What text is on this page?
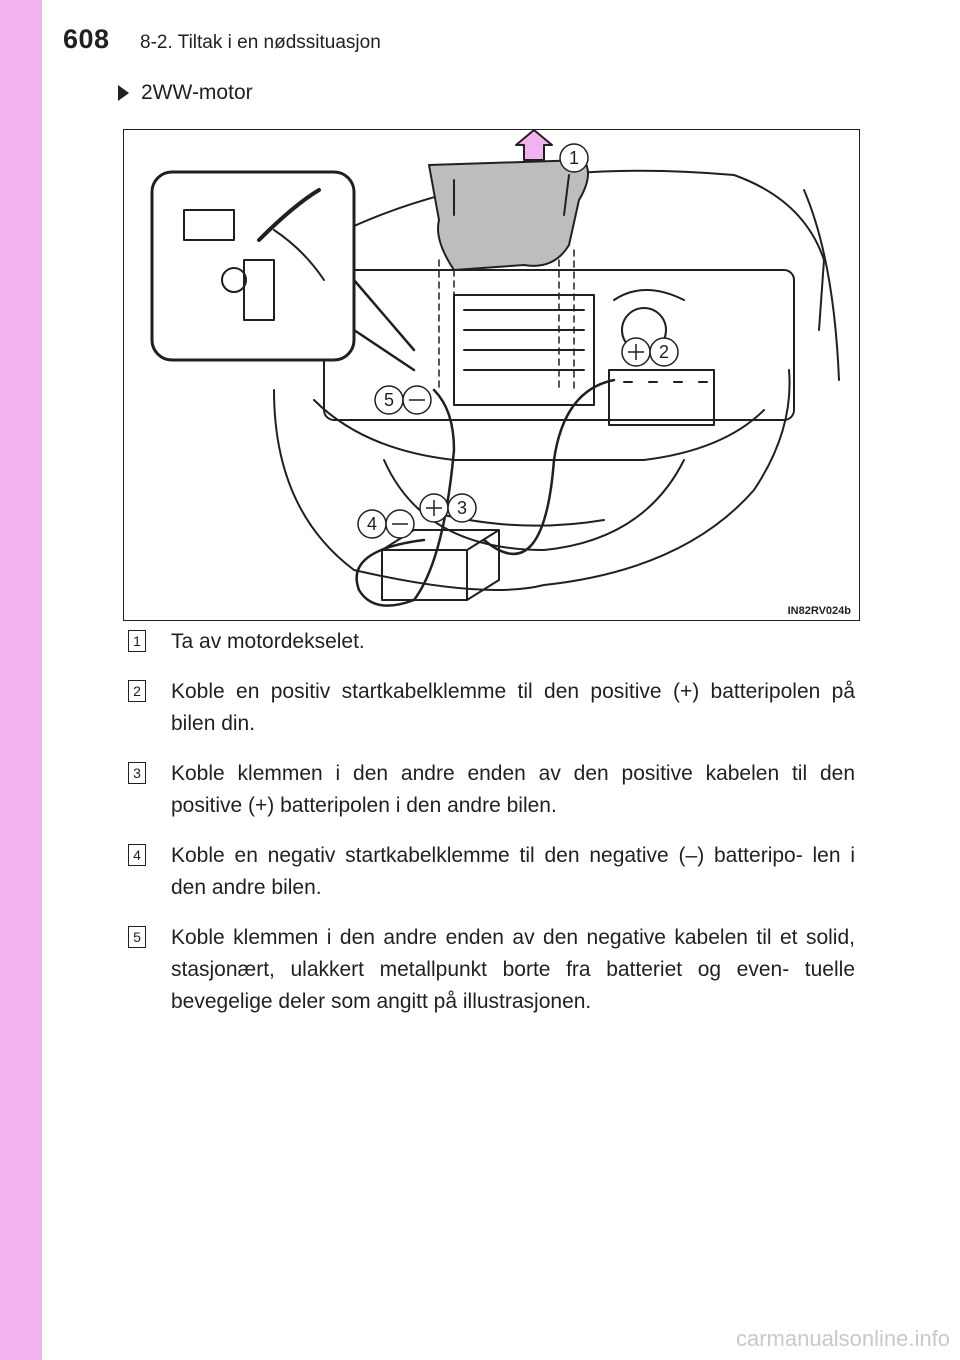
608 8-2. Tiltak i en nødssituasjon
2WW-motor
1
2
3
4
5
IN82RV024b
1 Ta av motordekselet.
2 Koble en positiv startkabelklemme til den positive (+) batteripolen på bilen din.
3 Koble klemmen i den andre enden av den positive kabelen til den positive (+) batteripolen i den andre bilen.
4 Koble en negativ startkabelklemme til den negative (–) batteripo- len i den andre bilen.
5 Koble klemmen i den andre enden av den negative kabelen til et solid, stasjonært, ulakkert metallpunkt borte fra batteriet og even- tuelle bevegelige deler som angitt på illustrasjonen.
carmanualsonline.info
